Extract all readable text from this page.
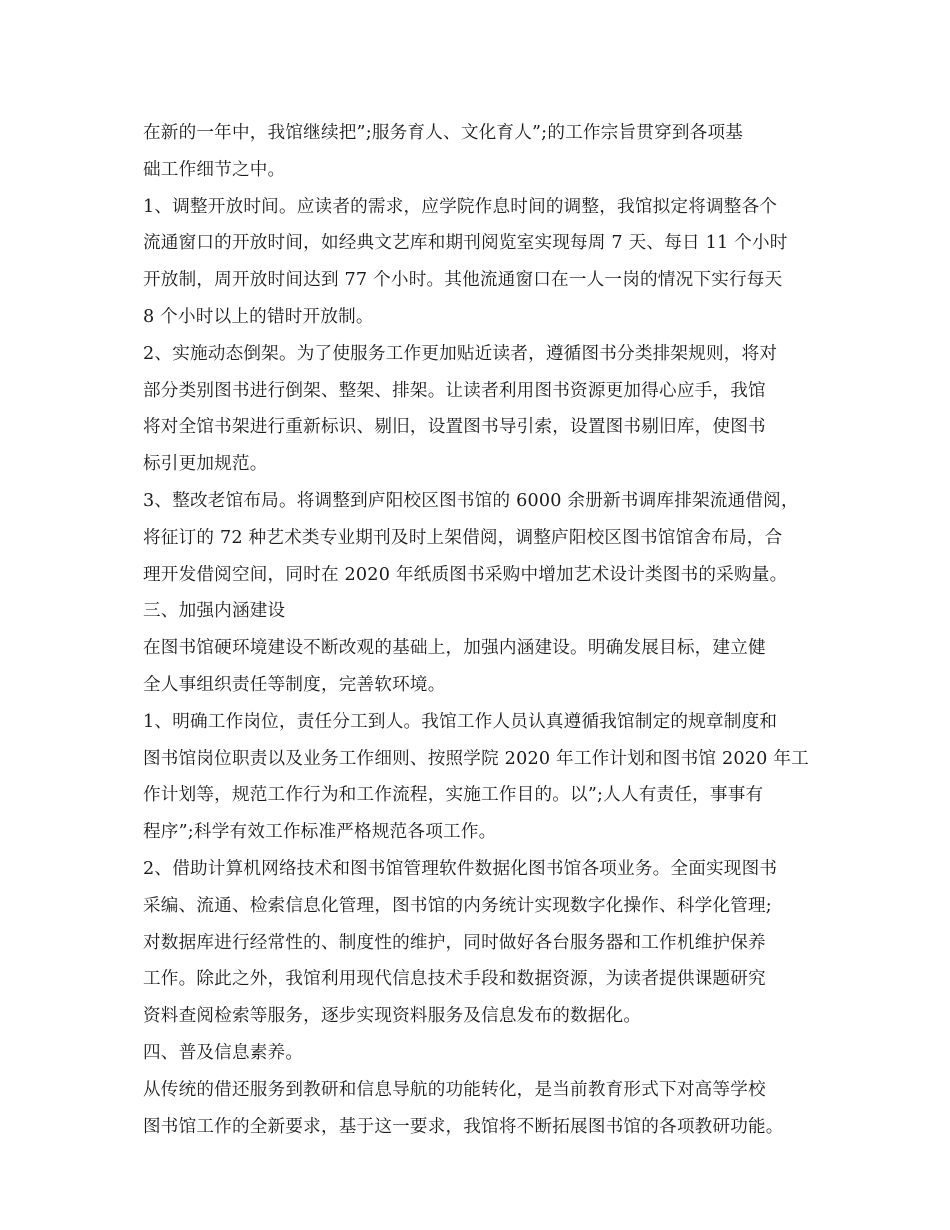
在新的一年中，我馆继续把”;服务育人、文化育人”;的工作宗旨贯穿到各项基
础工作细节之中。
1、调整开放时间。应读者的需求，应学院作息时间的调整，我馆拟定将调整各个
流通窗口的开放时间，如经典文艺库和期刊阅览室实现每周 7 天、每日 11 个小时
开放制，周开放时间达到 77 个小时。其他流通窗口在一人一岗的情况下实行每天
8 个小时以上的错时开放制。
2、实施动态倒架。为了使服务工作更加贴近读者，遵循图书分类排架规则，将对
部分类别图书进行倒架、整架、排架。让读者利用图书资源更加得心应手，我馆
将对全馆书架进行重新标识、剔旧，设置图书导引索，设置图书剔旧库，使图书
标引更加规范。
3、整改老馆布局。将调整到庐阳校区图书馆的 6000 余册新书调库排架流通借阅，
将征订的 72 种艺术类专业期刊及时上架借阅，调整庐阳校区图书馆馆舍布局，合
理开发借阅空间，同时在 2020 年纸质图书采购中增加艺术设计类图书的采购量。
三、加强内涵建设
在图书馆硬环境建设不断改观的基础上，加强内涵建设。明确发展目标，建立健
全人事组织责任等制度，完善软环境。
1、明确工作岗位，责任分工到人。我馆工作人员认真遵循我馆制定的规章制度和
图书馆岗位职责以及业务工作细则、按照学院 2020 年工作计划和图书馆 2020 年工
作计划等，规范工作行为和工作流程，实施工作目的。以”;人人有责任，事事有
程序”;科学有效工作标准严格规范各项工作。
2、借助计算机网络技术和图书馆管理软件数据化图书馆各项业务。全面实现图书
采编、流通、检索信息化管理，图书馆的内务统计实现数字化操作、科学化管理;
对数据库进行经常性的、制度性的维护，同时做好各台服务器和工作机维护保养
工作。除此之外，我馆利用现代信息技术手段和数据资源，为读者提供课题研究
资料查阅检索等服务，逐步实现资料服务及信息发布的数据化。
四、普及信息素养。
从传统的借还服务到教研和信息导航的功能转化，是当前教育形式下对高等学校
图书馆工作的全新要求，基于这一要求，我馆将不断拓展图书馆的各项教研功能。
